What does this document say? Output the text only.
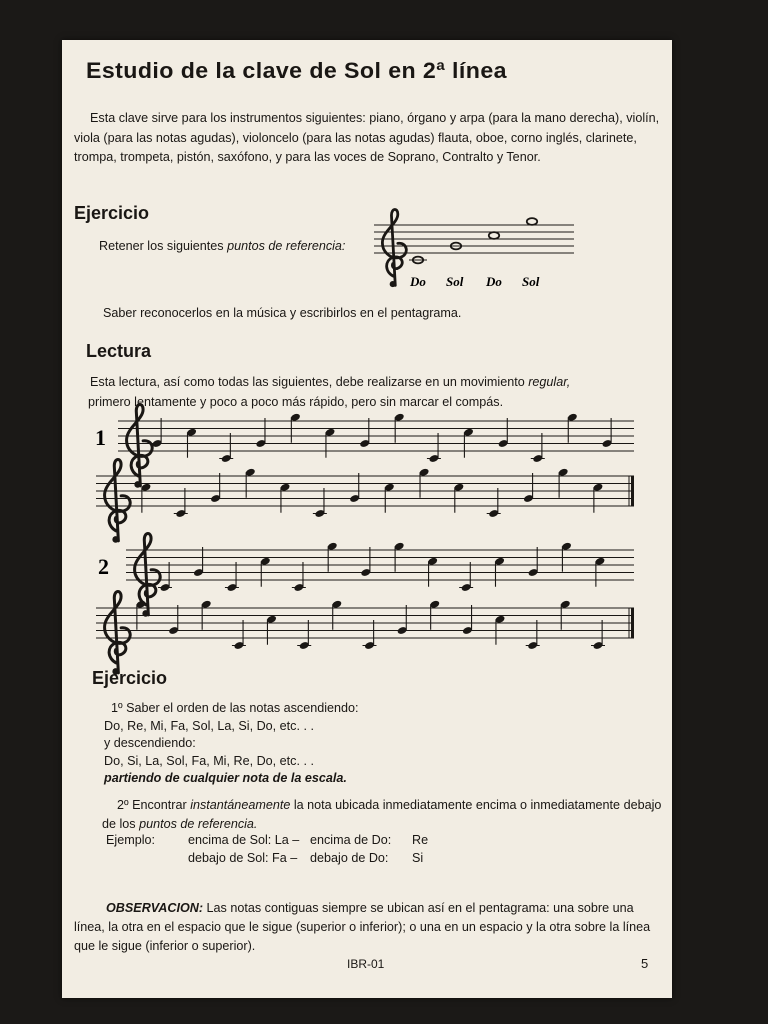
Estudio de la clave de Sol en 2ª línea
Esta clave sirve para los instrumentos siguientes: piano, órgano y arpa (para la mano derecha), violín, viola (para las notas agudas), violoncelo (para las notas agudas) flauta, oboe, corno inglés, clarinete, trompa, trompeta, pistón, saxófono, y para las voces de Soprano, Contralto y Tenor.
Ejercicio
Retener los siguientes puntos de referencia:
Do Sol Do Sol
Saber reconocerlos en la música y escribirlos en el pentagrama.
Lectura
Esta lectura, así como todas las siguientes, debe realizarse en un movimiento regular,
primero lentamente y poco a poco más rápido, pero sin marcar el compás.
1
2
Ejercicio
1º Saber el orden de las notas ascendiendo:
Do, Re, Mi, Fa, Sol, La, Si, Do, etc. . .
y descendiendo:
Do, Si, La, Sol, Fa, Mi, Re, Do, etc. . .
partiendo de cualquier nota de la escala.
2º Encontrar instantáneamente la nota ubicada inmediatamente encima o inmediatamente debajo de los puntos de referencia.
Ejemplo:	encima de Sol: La –	encima de Do:	Re
	debajo de Sol: Fa –	debajo de Do:	Si
OBSERVACION: Las notas contiguas siempre se ubican así en el pentagrama: una sobre una línea, la otra en el espacio que le sigue (superior o inferior); o una en un espacio y la otra sobre la línea que le sigue (inferior o superior).
IBR-01	5
